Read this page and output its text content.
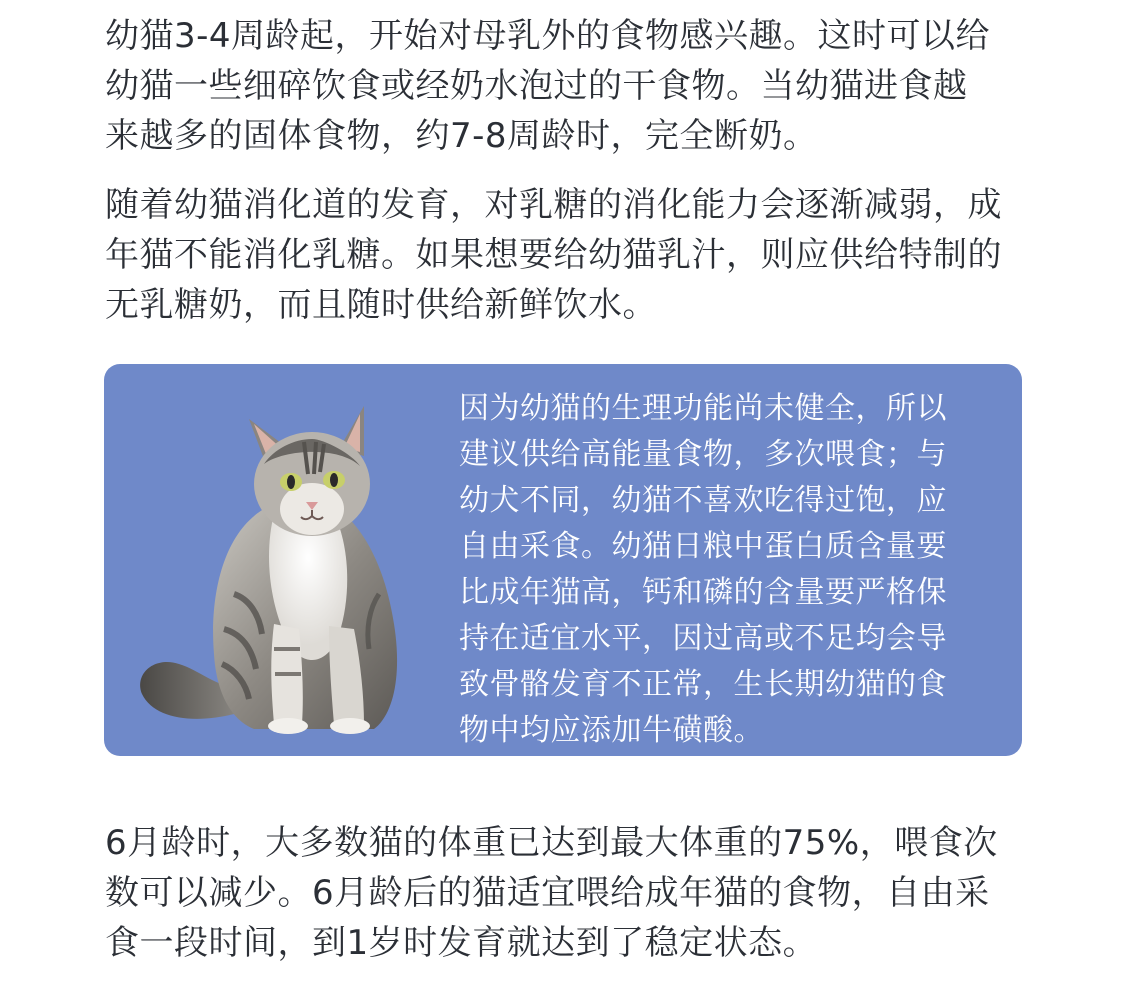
幼猫3-4周龄起，开始对母乳外的食物感兴趣。这时可以给
幼猫一些细碎饮食或经奶水泡过的干食物。当幼猫进食越
来越多的固体食物，约7-8周龄时，完全断奶。
随着幼猫消化道的发育，对乳糖的消化能力会逐渐减弱，成
年猫不能消化乳糖。如果想要给幼猫乳汁，则应供给特制的
无乳糖奶，而且随时供给新鲜饮水。
因为幼猫的生理功能尚未健全，所以
建议供给高能量食物，多次喂食；与
幼犬不同，幼猫不喜欢吃得过饱，应
自由采食。幼猫日粮中蛋白质含量要
比成年猫高，钙和磷的含量要严格保
持在适宜水平，因过高或不足均会导
致骨骼发育不正常，生长期幼猫的食
物中均应添加牛磺酸。
6月龄时，大多数猫的体重已达到最大体重的75%，喂食次
数可以减少。6月龄后的猫适宜喂给成年猫的食物，自由采
食一段时间，到1岁时发育就达到了稳定状态。
